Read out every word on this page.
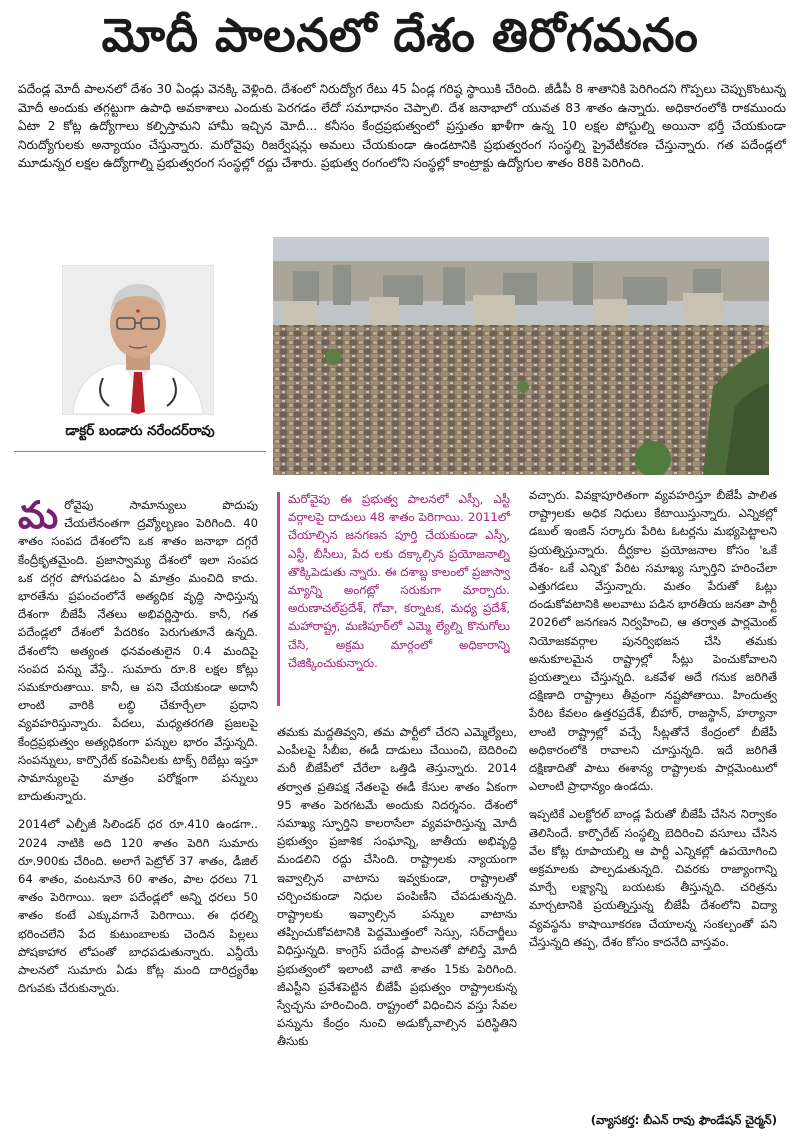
మోదీ పాలనలో దేశం తిరోగమనం
పదేండ్ల మోదీ పాలనలో దేశం 30 ఏండ్లు వెనక్కి వెళ్లింది. దేశంలో నిరుద్యోగ రేటు 45 ఏండ్ల గరిష్ఠ స్థాయికి చేరింది. జీడీపీ 8 శాతానికి పెరిగిందని గొప్పలు చెప్పుకొంటున్న మోదీ అందుకు తగ్గట్టుగా ఉపాధి అవకాశాలు ఎందుకు పెరగడం లేదో సమాధానం చెప్పాలి. దేశ జనాభాలో యువత 83 శాతం ఉన్నారు. అధికారంలోకి రాకముందు ఏటా 2 కోట్ల ఉద్యోగాలు కల్పిస్తామని హామీ ఇచ్చిన మోదీ... కనీసం కేంద్రప్రభుత్వంలో ప్రస్తుతం ఖాళీగా ఉన్న 10 లక్షల పోస్టుల్ని అయినా భర్తీ చేయకుండా నిరుద్యోగులకు అన్యాయం చేస్తున్నారు. మరోవైపు రిజర్వేషన్లు అమలు చేయకుండా ఉండటానికి ప్రభుత్వరంగ సంస్థల్ని ప్రైవేటీకరణ చేస్తున్నారు. గత పదేండ్లలో మూడున్నర లక్షల ఉద్యోగాల్ని ప్రభుత్వరంగ సంస్థల్లో రద్దు చేశారు. ప్రభుత్వ రంగంలోని సంస్థల్లో కాంట్రాక్టు ఉద్యోగుల శాతం 88కి పెరిగింది.
డాక్టర్ బండారు నరేందర్‌రావు
మరోవైపు ఈ ప్రభుత్వ పాలనలో ఎస్సీ, ఎస్టీ వర్గాలపై దాడులు 48 శాతం పెరిగాయి. 2011లో చేయాల్సిన జనగణన పూర్తి చేయకుండా ఎస్సీ, ఎస్టీ, బీసీలు, పేద లకు దక్కాల్సిన ప్రయోజనాల్ని తొక్కిపెడుతు న్నారు. ఈ దశాబ్ద కాలంలో ప్రజాస్వా మ్యాన్ని అంగట్లో సరుకుగా మార్చారు. అరుణాచల్‌ప్రదేశ్, గోవా, కర్నాటక, మధ్య ప్రదేశ్, మహారాష్ట్ర, మణిపూర్‌లో ఎమ్మె ల్యేల్ని కొనుగోలు చేసి, అక్రమ మార్గంలో అధికారాన్ని చేజిక్కించుకున్నారు.

మరోవైపు సామాన్యులు పొదుపు చేయలేనంతగా ద్రవ్యోల్బణం పెరిగింది. 40 శాతం సంపద దేశంలోని ఒక శాతం జనాభా దగ్గరే కేంద్రీకృతమైంది. ప్రజాస్వామ్య దేశంలో ఇలా సంపద ఒక దగ్గర పోగుపడటం ఏ మాత్రం మంచిది కాదు. భారతేను ప్రపంచంలోనే అత్యధిక వృద్ధి సాధిస్తున్న దేశంగా బీజేపీ నేతలు అభివర్ణిస్తారు. కానీ, గత పదేండ్లలో దేశంలో పేదరికం పెరుగుతూనే ఉన్నది. దేశంలోని అత్యంత ధనవంతులైన 0.4 మందిపై సంపద పన్ను వేస్తే.. సుమారు రూ.8 లక్షల కోట్లు సమకూరుతాయి. కానీ, ఆ పని చేయకుండా అదానీ లాంటి వారికి లబ్ధి చేకూర్చేలా ప్రధాని వ్యవహరిస్తున్నారు. పేదలు, మధ్యతరగతి ప్రజలపై కేంద్రప్రభుత్వం అత్యధికంగా పన్నుల భారం వేస్తున్నది. సంపన్నులు, కార్పొరేట్ కంపెనీలకు టాక్స్ రిబేట్లు ఇస్తూ సామాన్యులపై మాత్రం పరోక్షంగా పన్నులు బాదుతున్నారు.

2014లో ఎల్పీజీ సిలిండర్ ధర రూ.410 ఉండగా.. 2024 నాటికి అది 120 శాతం పెరిగి సుమారు రూ.900కు చేరింది. అలాగే పెట్రోల్ 37 శాతం, డీజిల్ 64 శాతం, వంటనూనె 60 శాతం, పాల ధరలు 71 శాతం పెరిగాయి. ఇలా పదేండ్లలో అన్ని ధరలు 50 శాతం కంటే ఎక్కువగానే పెరిగాయి. ఈ ధరల్ని భరించలేని పేద కుటుంబాలకు చెందిన పిల్లలు పోషకాహార లోపంతో బాధపడుతున్నారు. ఎన్డీయే పాలనలో సుమారు ఏడు కోట్ల మంది దారిద్ర్యరేఖ దిగువకు చేరుకున్నారు.

తమకు మద్దతివ్వని, తమ పార్టీలో చేరని ఎమ్మెల్యేలు, ఎంపీలపై సీబీఐ, ఈడీ దాడులు చేయించి, బెదిరించి మరీ బీజేపీలో చేరేలా ఒత్తిడి తెస్తున్నారు. 2014 తర్వాత ప్రతిపక్ష నేతలపై ఈడీ కేసుల శాతం ఏకంగా 95 శాతం పెరగటమే అందుకు నిదర్శనం. దేశంలో సమాఖ్య స్ఫూర్తిని కాలరాసేలా వ్యవహరిస్తున్న మోదీ ప్రభుత్వం ప్రజాశిక సంఘాన్ని, జాతీయ అభివృద్ధి మండలిని రద్దు చేసింది. రాష్ట్రాలకు న్యాయంగా ఇవ్వాల్సిన వాటాను ఇవ్వకుండా, రాష్ట్రాలతో చర్చించకుండా నిధుల పంపిణీని చేపడుతున్నది. రాష్ట్రాలకు ఇవ్వాల్సిన పన్నుల వాటాను తప్పించుకోవటానికి పెద్దమొత్తంలో సెస్సు, సర్‌చార్జీలు విధిస్తున్నది. కాంగ్రెస్ పదేండ్ల పాలనతో పోలిస్తే మోదీ ప్రభుత్వంలో ఇలాంటి వాటి శాతం 15కు పెరిగింది. జీఎస్టీని ప్రవేశపెట్టిన బీజేపీ ప్రభుత్వం రాష్ట్రాలకున్న స్వేచ్ఛను హరించింది. రాష్ట్రంలో విధించిన వస్తు సేవల పన్నును కేంద్రం నుంచి అడుక్కోవాల్సిన పరిస్థితిని తీసుకు

వచ్చారు. వివక్షాపూరితంగా వ్యవహరిస్తూ బీజేపీ పాలిత రాష్ట్రాలకు అధిక నిధులు కేటాయిస్తున్నారు. ఎన్నికల్లో డబుల్ ఇంజిన్ సర్కారు పేరిట ఓటర్లను మభ్యపెట్టాలని ప్రయత్నిస్తున్నారు. దీర్ఘకాల ప్రయోజనాల కోసం 'ఒకే దేశం- ఒకే ఎన్నిక' పేరిట సమాఖ్య స్ఫూర్తిని హరించేలా ఎత్తుగడలు వేస్తున్నారు. మతం పేరుతో ఓట్లు దండుకోవటానికి అలవాటు పడిన భారతీయ జనతా పార్టీ 2026లో జనగణన నిర్వహించి, ఆ తర్వాత పార్లమెంట్ నియోజకవర్గాల పునర్విభజన చేసి తమకు అనుకూలమైన రాష్ట్రాల్లో సీట్లు పెంచుకోవాలని ప్రయత్నాలు చేస్తున్నది. ఒకవేళ అదే గనుక జరిగితే దక్షిణాది రాష్ట్రాలు తీవ్రంగా నష్టపోతాయి. హిందుత్వ పేరిట కేవలం ఉత్తరప్రదేశ్, బీహార్, రాజస్థాన్, హర్యానా లాంటి రాష్ట్రాల్లో వచ్చే సీట్లతోనే కేంద్రంలో బీజేపీ అధికారంలోకి రావాలని చూస్తున్నది. ఇదే జరిగితే దక్షిణాదితో పాటు ఈశాన్య రాష్ట్రాలకు పార్లమెంటులో ఎలాంటి ప్రాధాన్యం ఉండదు.

ఇప్పటికే ఎలక్టోరల్ బాండ్ల పేరుతో బీజేపీ చేసిన నిర్వాకం తెలిసిందే. కార్పొరేట్ సంస్థల్ని బెదిరించి వసూలు చేసిన వేల కోట్ల రూపాయల్ని ఆ పార్టీ ఎన్నికల్లో ఉపయోగించి అక్రమాలకు పాల్పడుతున్నది. చివరకు రాజ్యాంగాన్ని మార్చే లక్ష్యాన్ని బయటకు తీస్తున్నది. చరిత్రను మార్చటానికి ప్రయత్నిస్తున్న బీజేపీ దేశంలోని విద్యా వ్యవస్థను కాషాయీకరణ చేయాలన్న సంకల్పంతో పని చేస్తున్నది తప్ప, దేశం కోసం కాదనేది వాస్తవం.

(వ్యాసకర్త: బీఎన్ రావు ఫౌండేషన్ చైర్మన్)
